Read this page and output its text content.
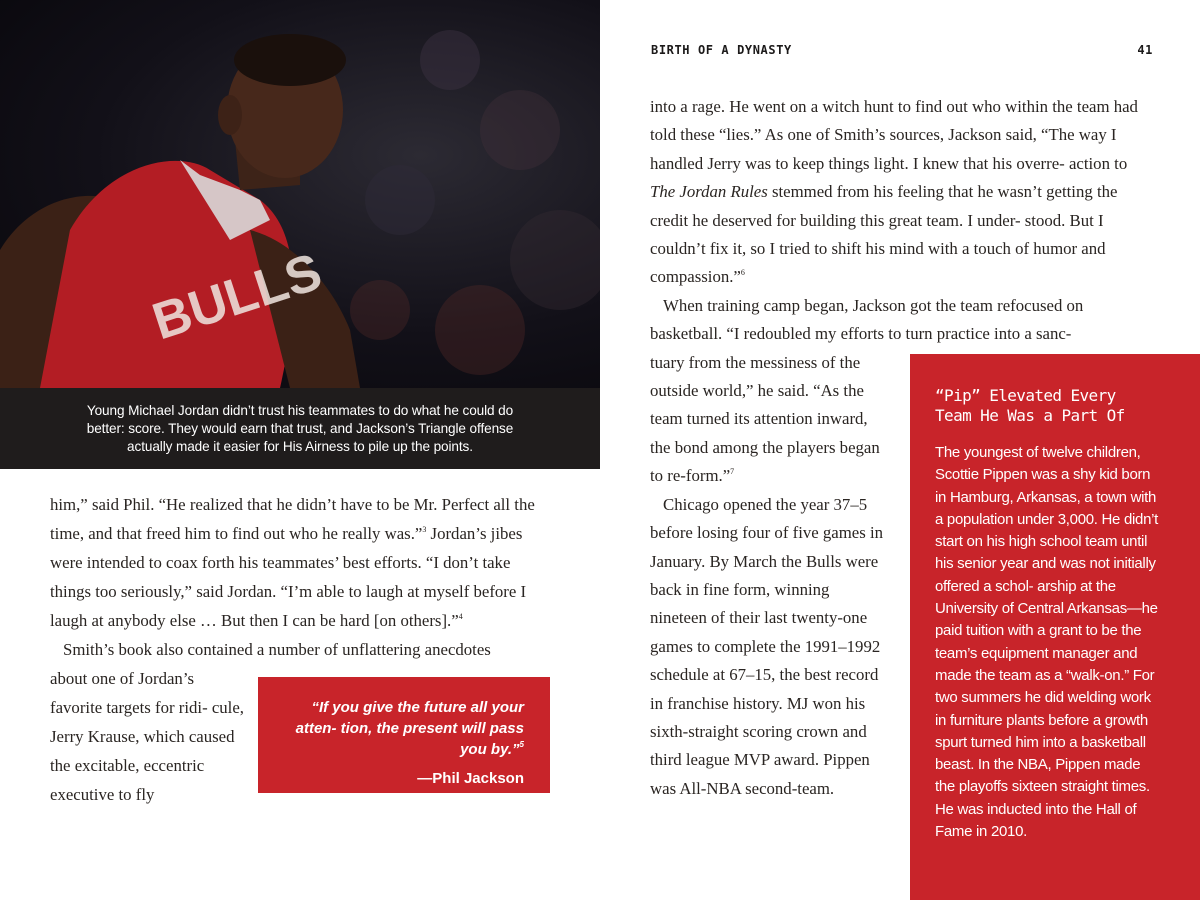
BULLS
Young Michael Jordan didn’t trust his teammates to do what he could do
better: score. They would earn that trust, and Jackson’s Triangle offense
actually made it easier for His Airness to pile up the points.

him,” said Phil. “He realized that he didn’t have to be Mr. Perfect all the time, and that freed him to find out who he really was.”$^3$ Jordan’s jibes were intended to coax forth his teammates’ best efforts. “I don’t take things too seriously,” said Jordan. “I’m able to laugh at myself before I laugh at anybody else … But then I can be hard [on others].”$^4$

Smith’s book also contained a number of unflattering anecdotes

about one of Jordan’s favorite targets for ridi- cule, Jerry Krause, which caused the excitable, eccentric executive to fly

“If you give the future all your atten- tion, the present will pass you by.”$^5$
—Phil Jackson
BIRTH OF A DYNASTY	41

into a rage. He went on a witch hunt to find out who within the team had told these “lies.” As one of Smith’s sources, Jackson said, “The way I handled Jerry was to keep things light. I knew that his overre- action to The Jordan Rules stemmed from his feeling that he wasn’t getting the credit he deserved for building this great team. I under- stood. But I couldn’t fix it, so I tried to shift his mind with a touch of humor and compassion.”$^6$

When training camp began, Jackson got the team refocused on basketball. “I redoubled my efforts to turn practice into a sanc-

tuary from the messiness of the outside world,” he said. “As the team turned its attention inward, the bond among the players began to re-form.”$^7$

Chicago opened the year 37–5 before losing four of five games in January. By March the Bulls were back in fine form, winning nineteen of their last twenty-one games to complete the 1991–1992 schedule at 67–15, the best record in franchise history. MJ won his sixth-straight scoring crown and third league MVP award. Pippen was All-NBA second-team.

“Pip” Elevated Every
Team He Was a Part Of
The youngest of twelve children, Scottie Pippen was a shy kid born in Hamburg, Arkansas, a town with a population under 3,000. He didn’t start on his high school team until his senior year and was not initially offered a schol- arship at the University of Central Arkansas—he paid tuition with a grant to be the team’s equipment manager and made the team as a “walk-on.” For two summers he did welding work in furniture plants before a growth spurt turned him into a basketball beast. In the NBA, Pippen made the playoffs sixteen straight times. He was inducted into the Hall of Fame in 2010.
